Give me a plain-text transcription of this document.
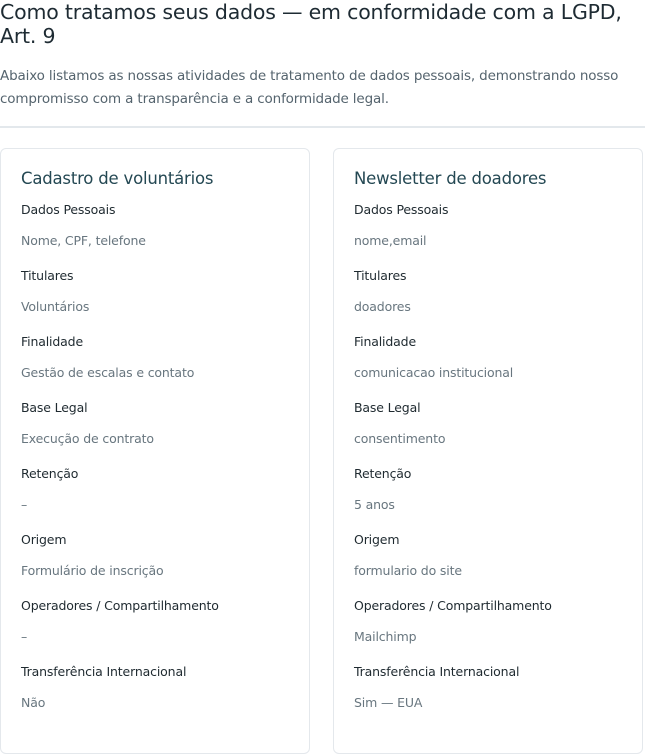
Como tratamos seus dados — em conformidade com a LGPD, Art. 9

Abaixo listamos as nossas atividades de tratamento de dados pessoais, demonstrando nosso compromisso com a transparência e a conformidade legal.

Cadastro de voluntários
Dados Pessoais
Nome, CPF, telefone
Titulares
Voluntários
Finalidade
Gestão de escalas e contato
Base Legal
Execução de contrato
Retenção
–
Origem
Formulário de inscrição
Operadores / Compartilhamento
–
Transferência Internacional
Não
Newsletter de doadores
Dados Pessoais
nome,email
Titulares
doadores
Finalidade
comunicacao institucional
Base Legal
consentimento
Retenção
5 anos
Origem
formulario do site
Operadores / Compartilhamento
Mailchimp
Transferência Internacional
Sim — EUA
